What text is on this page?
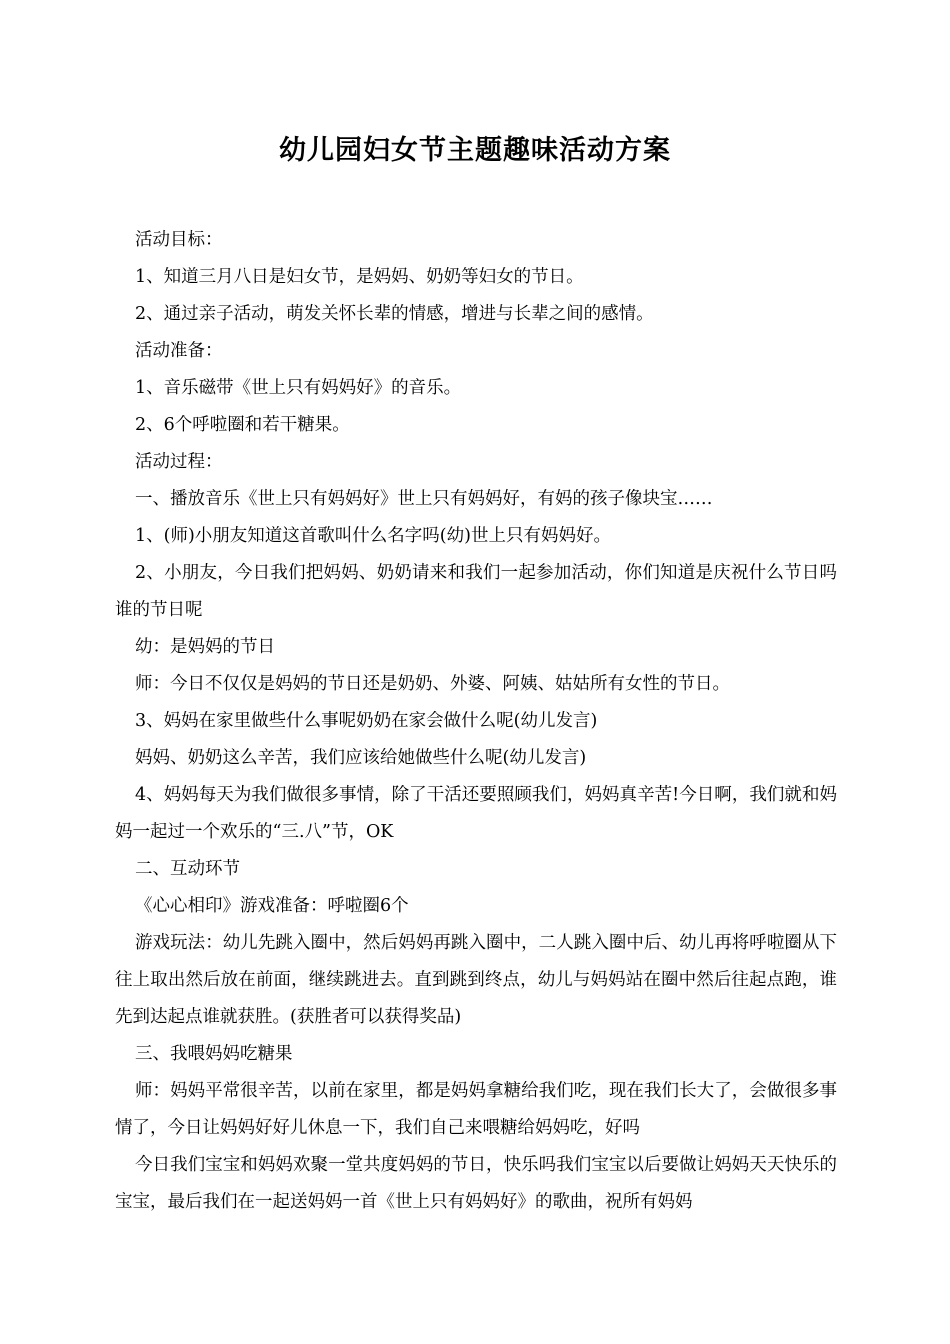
幼儿园妇女节主题趣味活动方案

活动目标：

1、知道三月八日是妇女节，是妈妈、奶奶等妇女的节日。

2、通过亲子活动，萌发关怀长辈的情感，增进与长辈之间的感情。

活动准备：

1、音乐磁带《世上只有妈妈好》的音乐。

2、6个呼啦圈和若干糖果。

活动过程：

一、播放音乐《世上只有妈妈好》世上只有妈妈好，有妈的孩子像块宝……

1、(师)小朋友知道这首歌叫什么名字吗(幼)世上只有妈妈好。

2、小朋友，今日我们把妈妈、奶奶请来和我们一起参加活动，你们知道是庆祝什么节日吗谁的节日呢

幼：是妈妈的节日

师：今日不仅仅是妈妈的节日还是奶奶、外婆、阿姨、姑姑所有女性的节日。

3、妈妈在家里做些什么事呢奶奶在家会做什么呢(幼儿发言)

妈妈、奶奶这么辛苦，我们应该给她做些什么呢(幼儿发言)

4、妈妈每天为我们做很多事情，除了干活还要照顾我们，妈妈真辛苦!今日啊，我们就和妈妈一起过一个欢乐的“三.八”节，OK

二、互动环节

《心心相印》游戏准备：呼啦圈6个

游戏玩法：幼儿先跳入圈中，然后妈妈再跳入圈中，二人跳入圈中后、幼儿再将呼啦圈从下往上取出然后放在前面，继续跳进去。直到跳到终点，幼儿与妈妈站在圈中然后往起点跑，谁先到达起点谁就获胜。(获胜者可以获得奖品)

三、我喂妈妈吃糖果

师：妈妈平常很辛苦，以前在家里，都是妈妈拿糖给我们吃，现在我们长大了，会做很多事情了，今日让妈妈好好儿休息一下，我们自己来喂糖给妈妈吃，好吗

今日我们宝宝和妈妈欢聚一堂共度妈妈的节日，快乐吗我们宝宝以后要做让妈妈天天快乐的宝宝，最后我们在一起送妈妈一首《世上只有妈妈好》的歌曲，祝所有妈妈
